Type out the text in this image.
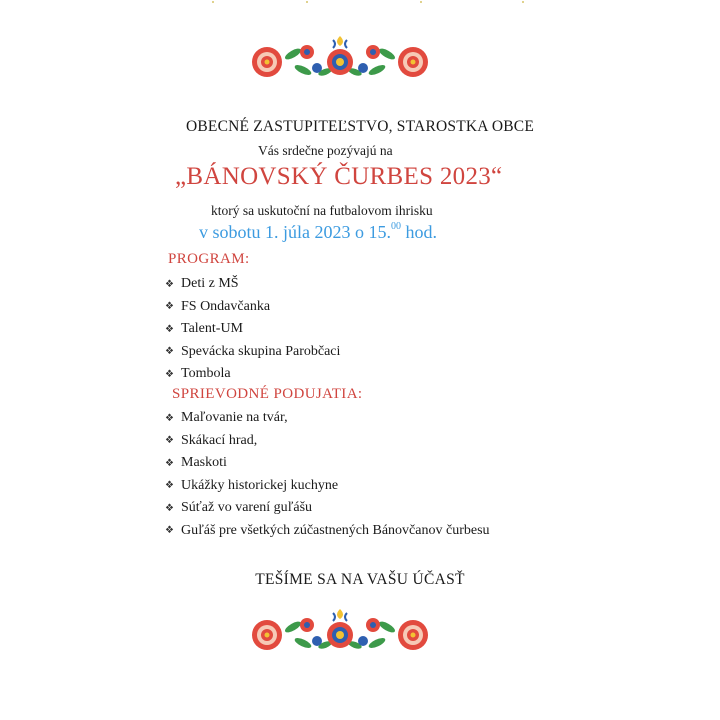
OBECNÉ ZASTUPITEĽSTVO, STAROSTKA OBCE
Vás srdečne pozývajú na
„BÁNOVSKÝ ČURBES 2023“
ktorý sa uskutoční na futbalovom ihrisku
v sobotu 1. júla 2023 o 15.00 hod.
PROGRAM:
❖ Deti z MŠ
❖ FS Ondavčanka
❖ Talent-UM
❖ Spevácka skupina Parobčaci
❖ Tombola
SPRIEVODNÉ PODUJATIA:
❖ Maľovanie na tvár,
❖ Skákací hrad,
❖ Maskoti
❖ Ukážky historickej kuchyne
❖ Súťaž vo varení guľášu
❖ Guľáš pre všetkých zúčastnených Bánovčanov čurbesu
TEŠÍME SA NA VAŠU ÚČASŤ
